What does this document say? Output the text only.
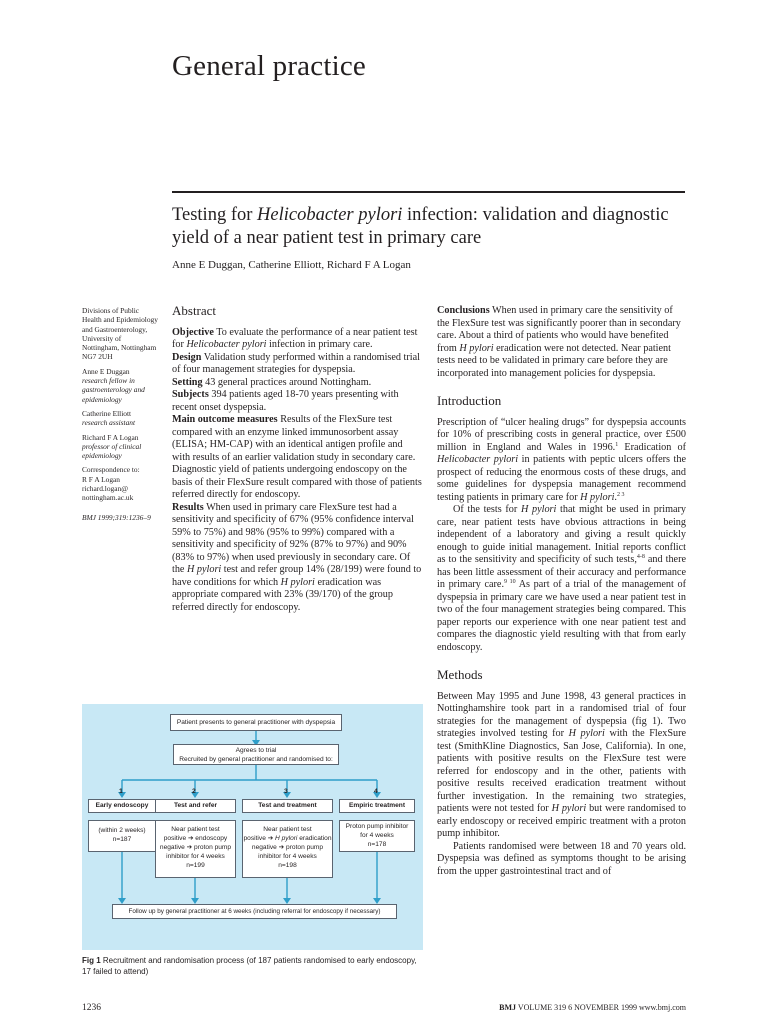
General practice
Testing for Helicobacter pylori infection: validation and diagnostic yield of a near patient test in primary care
Anne E Duggan, Catherine Elliott, Richard F A Logan

Divisions of Public Health and Epidemiology and Gastroenterology, University of Nottingham, Nottingham NG7 2UH

Anne E Duggan
research fellow in gastroenterology and epidemiology

Catherine Elliott
research assistant

Richard F A Logan
professor of clinical epidemiology

Correspondence to:
R F A Logan
richard.logan@ nottingham.ac.uk

BMJ 1999;319:1236–9

Abstract

Objective To evaluate the performance of a near patient test for Helicobacter pylori infection in primary care.

Design Validation study performed within a randomised trial of four management strategies for dyspepsia.

Setting 43 general practices around Nottingham.

Subjects 394 patients aged 18-70 years presenting with recent onset dyspepsia.

Main outcome measures Results of the FlexSure test compared with an enzyme linked immunosorbent assay (ELISA; HM-CAP) with an identical antigen profile and with results of an earlier validation study in secondary care. Diagnostic yield of patients undergoing endoscopy on the basis of their FlexSure result compared with those of patients referred directly for endoscopy.

Results When used in primary care FlexSure test had a sensitivity and specificity of 67% (95% confidence interval 59% to 75%) and 98% (95% to 99%) compared with a sensitivity and specificity of 92% (87% to 97%) and 90% (83% to 97%) when used previously in secondary care. Of the H pylori test and refer group 14% (28/199) were found to have conditions for which H pylori eradication was appropriate compared with 23% (39/170) of the group referred directly for endoscopy.

Conclusions When used in primary care the sensitivity of the FlexSure test was significantly poorer than in secondary care. About a third of patients who would have benefited from H pylori eradication were not detected. Near patient tests need to be validated in primary care before they are incorporated into management policies for dyspepsia.

Introduction

Prescription of “ulcer healing drugs” for dyspepsia accounts for 10% of prescribing costs in general practice, over £500 million in England and Wales in 1996.$^1$ Eradication of Helicobacter pylori in patients with peptic ulcers offers the prospect of reducing the enormous costs of these drugs, and some guidelines for dyspepsia management recommend testing patients in primary care for H pylori.$^{2 3}$

Of the tests for H pylori that might be used in primary care, near patient tests have obvious attractions in being independent of a laboratory and giving a result quickly enough to guide initial management. Initial reports conflict as to the sensitivity and specificity of such tests,$^{4-8}$ and there has been little assessment of their accuracy and performance in primary care.$^{9 10}$ As part of a trial of the management of dyspepsia in primary care we have used a near patient test in two of the four management strategies being compared. This paper reports our experience with one near patient test and compares the diagnostic yield resulting with that from early endoscopy.

Methods

Between May 1995 and June 1998, 43 general practices in Nottinghamshire took part in a randomised trial of four strategies for the management of dyspepsia (fig 1). Two strategies involved testing for H pylori with the FlexSure test (SmithKline Diagnostics, San Jose, California). In one, patients with positive results on the FlexSure test were referred for endoscopy and in the other, patients with positive results received eradication treatment without further investigation. In the remaining two strategies, patients were not tested for H pylori but were randomised to early endoscopy or received empiric treatment with a proton pump inhibitor.

Patients randomised were between 18 and 70 years old. Dyspepsia was defined as symptoms thought to be arising from the upper gastrointestinal tract and of

Patient presents to general practitioner with dyspepsia
Agrees to trial
Recruited by general practitioner and randomised to:
1	2	3	4
Early endoscopy	Test and refer	Test and treatment	Empiric treatment
(within 2 weeks)
n=187
Near patient test
positive ➔ endoscopy
negative ➔ proton pump
inhibitor for 4 weeks
n=199
Near patient test
positive ➔ H pylori eradication
negative ➔ proton pump
inhibitor for 4 weeks
n=198
Proton pump inhibitor
for 4 weeks
n=178
Follow up by general practitioner at 6 weeks (including referral for endoscopy if necessary)
Fig 1 Recruitment and randomisation process (of 187 patients randomised to early endoscopy, 17 failed to attend)
1236	BMJ VOLUME 319 6 NOVEMBER 1999 www.bmj.com
